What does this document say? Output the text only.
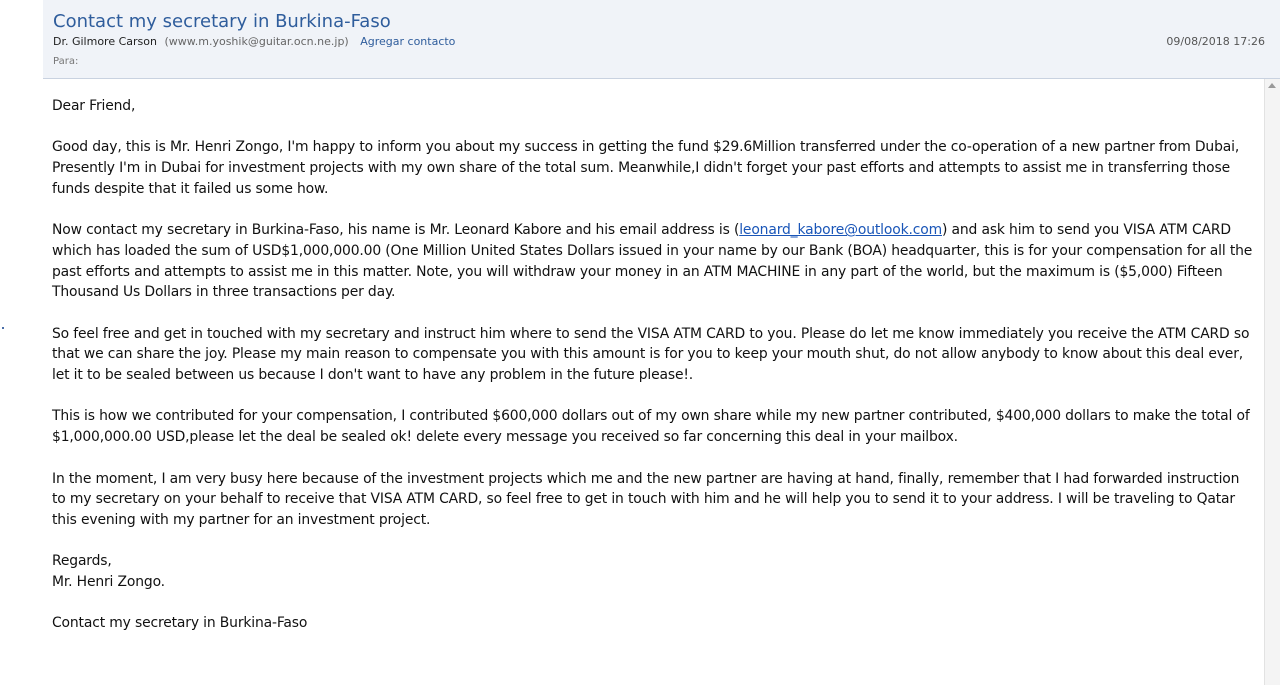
Contact my secretary in Burkina-Faso
Dr. Gilmore Carson (www.m.yoshik@guitar.ocn.ne.jp) Agregar contacto	09/08/2018 17:26
Para:

Dear Friend,

Good day, this is Mr. Henri Zongo, I'm happy to inform you about my success in getting the fund $29.6Million transferred under the co-operation of a new partner from Dubai, Presently I'm in Dubai for investment projects with my own share of the total sum. Meanwhile,I didn't forget your past efforts and attempts to assist me in transferring those funds despite that it failed us some how.

Now contact my secretary in Burkina-Faso, his name is Mr. Leonard Kabore and his email address is (leonard_kabore@outlook.com) and ask him to send you VISA ATM CARD which has loaded the sum of USD$1,000,000.00 (One Million United States Dollars issued in your name by our Bank (BOA) headquarter, this is for your compensation for all the past efforts and attempts to assist me in this matter. Note, you will withdraw your money in an ATM MACHINE in any part of the world, but the maximum is ($5,000) Fifteen Thousand Us Dollars in three transactions per day.

So feel free and get in touched with my secretary and instruct him where to send the VISA ATM CARD to you. Please do let me know immediately you receive the ATM CARD so that we can share the joy. Please my main reason to compensate you with this amount is for you to keep your mouth shut, do not allow anybody to know about this deal ever, let it to be sealed between us because I don't want to have any problem in the future please!.

This is how we contributed for your compensation, I contributed $600,000 dollars out of my own share while my new partner contributed, $400,000 dollars to make the total of $1,000,000.00 USD,please let the deal be sealed ok! delete every message you received so far concerning this deal in your mailbox.

In the moment, I am very busy here because of the investment projects which me and the new partner are having at hand, finally, remember that I had forwarded instruction to my secretary on your behalf to receive that VISA ATM CARD, so feel free to get in touch with him and he will help you to send it to your address. I will be traveling to Qatar this evening with my partner for an investment project.

Regards,
Mr. Henri Zongo.

Contact my secretary in Burkina-Faso
